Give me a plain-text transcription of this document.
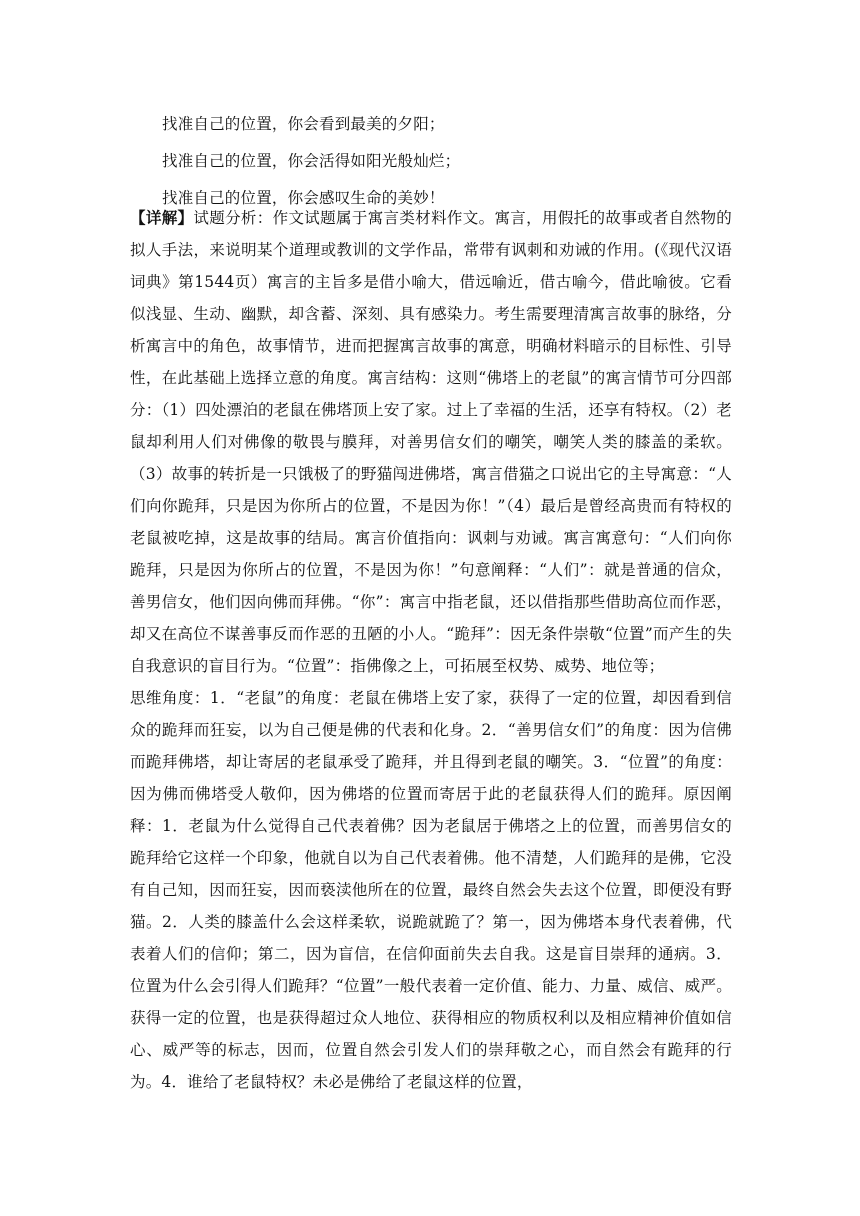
找准自己的位置，你会看到最美的夕阳；

找准自己的位置，你会活得如阳光般灿烂；

找准自己的位置，你会感叹生命的美妙！

【详解】试题分析：作文试题属于寓言类材料作文。寓言，用假托的故事或者自然物的拟人手法，来说明某个道理或教训的文学作品，常带有讽刺和劝诫的作用。(《现代汉语词典》第1544页）寓言的主旨多是借小喻大，借远喻近，借古喻今，借此喻彼。它看似浅显、生动、幽默，却含蓄、深刻、具有感染力。考生需要理清寓言故事的脉络，分析寓言中的角色，故事情节，进而把握寓言故事的寓意，明确材料暗示的目标性、引导性，在此基础上选择立意的角度。寓言结构：这则“佛塔上的老鼠”的寓言情节可分四部分：（1）四处漂泊的老鼠在佛塔顶上安了家。过上了幸福的生活，还享有特权。（2）老鼠却利用人们对佛像的敬畏与膜拜，对善男信女们的嘲笑，嘲笑人类的膝盖的柔软。（3）故事的转折是一只饿极了的野猫闯进佛塔，寓言借猫之口说出它的主导寓意：“人们向你跪拜，只是因为你所占的位置，不是因为你！”（4）最后是曾经高贵而有特权的老鼠被吃掉，这是故事的结局。寓言价值指向：讽刺与劝诫。寓言寓意句：“人们向你跪拜，只是因为你所占的位置，不是因为你！”句意阐释：“人们”：就是普通的信众，善男信女，他们因向佛而拜佛。“你”：寓言中指老鼠，还以借指那些借助高位而作恶，却又在高位不谋善事反而作恶的丑陋的小人。“跪拜”：因无条件崇敬“位置”而产生的失自我意识的盲目行为。“位置”：指佛像之上，可拓展至权势、威势、地位等；

思维角度：1．“老鼠”的角度：老鼠在佛塔上安了家，获得了一定的位置，却因看到信众的跪拜而狂妄，以为自己便是佛的代表和化身。2．“善男信女们”的角度：因为信佛而跪拜佛塔，却让寄居的老鼠承受了跪拜，并且得到老鼠的嘲笑。3．“位置”的角度：因为佛而佛塔受人敬仰，因为佛塔的位置而寄居于此的老鼠获得人们的跪拜。原因阐释：1．老鼠为什么觉得自己代表着佛？因为老鼠居于佛塔之上的位置，而善男信女的跪拜给它这样一个印象，他就自以为自己代表着佛。他不清楚，人们跪拜的是佛，它没有自己知，因而狂妄，因而亵渎他所在的位置，最终自然会失去这个位置，即便没有野猫。2．人类的膝盖什么会这样柔软，说跪就跪了？第一，因为佛塔本身代表着佛，代表着人们的信仰；第二，因为盲信，在信仰面前失去自我。这是盲目崇拜的通病。3．位置为什么会引得人们跪拜？“位置”一般代表着一定价值、能力、力量、威信、威严。获得一定的位置，也是获得超过众人地位、获得相应的物质权利以及相应精神价值如信心、威严等的标志，因而，位置自然会引发人们的崇拜敬之心，而自然会有跪拜的行为。4．谁给了老鼠特权？未必是佛给了老鼠这样的位置，
